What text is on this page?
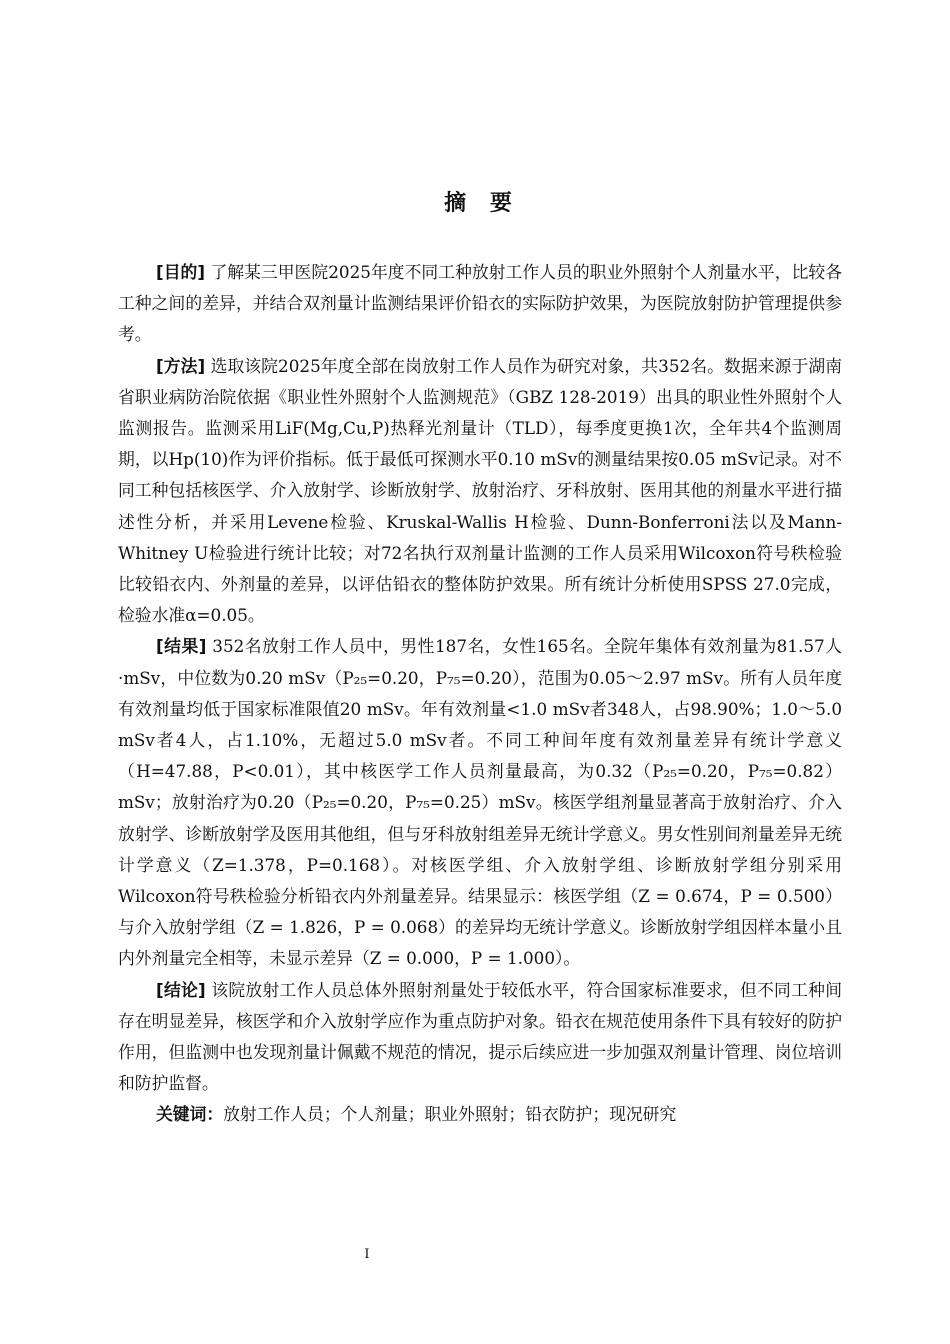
摘 要

[目的] 了解某三甲医院2025年度不同工种放射工作人员的职业外照射个人剂量水平，比较各工种之间的差异，并结合双剂量计监测结果评价铅衣的实际防护效果，为医院放射防护管理提供参考。

[方法] 选取该院2025年度全部在岗放射工作人员作为研究对象，共352名。数据来源于湖南省职业病防治院依据《职业性外照射个人监测规范》（GBZ 128-2019）出具的职业性外照射个人监测报告。监测采用LiF(Mg,Cu,P)热释光剂量计（TLD），每季度更换1次，全年共4个监测周期，以Hp(10)作为评价指标。低于最低可探测水平0.10 mSv的测量结果按0.05 mSv记录。对不同工种包括核医学、介入放射学、诊断放射学、放射治疗、牙科放射、医用其他的剂量水平进行描述性分析，并采用Levene检验、Kruskal-Wallis H检验、Dunn-Bonferroni法以及Mann-Whitney U检验进行统计比较；对72名执行双剂量计监测的工作人员采用Wilcoxon符号秩检验比较铅衣内、外剂量的差异，以评估铅衣的整体防护效果。所有统计分析使用SPSS 27.0完成，检验水准α=0.05。

[结果] 352名放射工作人员中，男性187名，女性165名。全院年集体有效剂量为81.57人·mSv，中位数为0.20 mSv（P₂₅=0.20，P₇₅=0.20），范围为0.05～2.97 mSv。所有人员年度有效剂量均低于国家标准限值20 mSv。年有效剂量<1.0 mSv者348人，占98.90%；1.0～5.0 mSv者4人，占1.10%，无超过5.0 mSv者。不同工种间年度有效剂量差异有统计学意义（H=47.88，P<0.01），其中核医学工作人员剂量最高，为0.32（P₂₅=0.20，P₇₅=0.82）mSv；放射治疗为0.20（P₂₅=0.20，P₇₅=0.25）mSv。核医学组剂量显著高于放射治疗、介入放射学、诊断放射学及医用其他组，但与牙科放射组差异无统计学意义。男女性别间剂量差异无统计学意义（Z=1.378，P=0.168）。对核医学组、介入放射学组、诊断放射学组分别采用Wilcoxon符号秩检验分析铅衣内外剂量差异。结果显示：核医学组（Z = 0.674，P = 0.500）与介入放射学组（Z = 1.826，P = 0.068）的差异均无统计学意义。诊断放射学组因样本量小且内外剂量完全相等，未显示差异（Z = 0.000，P = 1.000）。

[结论] 该院放射工作人员总体外照射剂量处于较低水平，符合国家标准要求，但不同工种间存在明显差异，核医学和介入放射学应作为重点防护对象。铅衣在规范使用条件下具有较好的防护作用，但监测中也发现剂量计佩戴不规范的情况，提示后续应进一步加强双剂量计管理、岗位培训和防护监督。

关键词：放射工作人员；个人剂量；职业外照射；铅衣防护；现况研究

I
